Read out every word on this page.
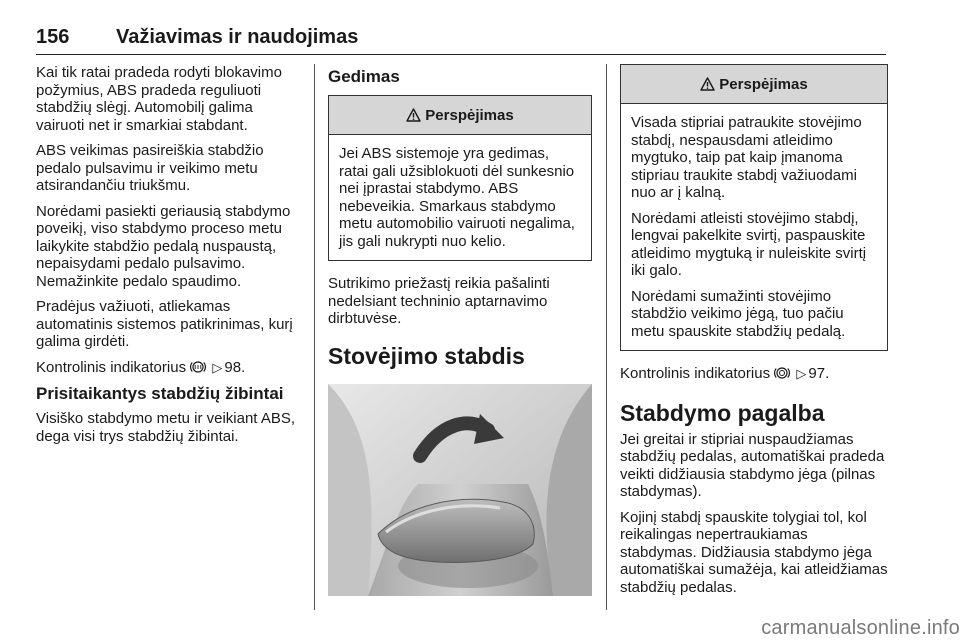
156 Važiavimas ir naudojimas

Kai tik ratai pradeda rodyti blokavimo požymius, ABS pradeda reguliuoti stabdžių slėgį. Automobilį galima vairuoti net ir smarkiai stabdant.

ABS veikimas pasireiškia stabdžio pedalo pulsavimu ir veikimo metu atsirandančiu triukšmu.

Norėdami pasiekti geriausią stabdymo poveikį, viso stabdymo proceso metu laikykite stabdžio pedalą nuspaustą, nepaisydami pedalo pulsavimo. Nemažinkite pedalo spaudimo.

Pradėjus važiuoti, atliekamas automatinis sistemos patikrinimas, kurį galima girdėti.

Kontrolinis indikatorius ▷ 98.

Prisitaikantys stabdžių žibintai

Visiško stabdymo metu ir veikiant ABS, dega visi trys stabdžių žibintai.

Gedimas
Perspėjimas

Jei ABS sistemoje yra gedimas, ratai gali užsiblokuoti dėl sunkesnio nei įprastai stabdymo. ABS nebeveikia. Smarkaus stabdymo metu automobilio vairuoti negalima, jis gali nukrypti nuo kelio.

Sutrikimo priežastį reikia pašalinti nedelsiant techninio aptarnavimo dirbtuvėse.

Stovėjimo stabdis
Perspėjimas

Visada stipriai patraukite stovėjimo stabdį, nespausdami atleidimo mygtuko, taip pat kaip įmanoma stipriau traukite stabdį važiuodami nuo ar į kalną.

Norėdami atleisti stovėjimo stabdį, lengvai pakelkite svirtį, paspauskite atleidimo mygtuką ir nuleiskite svirtį iki galo.

Norėdami sumažinti stovėjimo stabdžio veikimo jėgą, tuo pačiu metu spauskite stabdžių pedalą.

Kontrolinis indikatorius ▷ 97.

Stabdymo pagalba

Jei greitai ir stipriai nuspaudžiamas stabdžių pedalas, automatiškai pradeda veikti didžiausia stabdymo jėga (pilnas stabdymas).

Kojinį stabdį spauskite tolygiai tol, kol reikalingas nepertraukiamas stabdymas. Didžiausia stabdymo jėga automatiškai sumažėja, kai atleidžiamas stabdžių pedalas.

carmanualsonline.info
